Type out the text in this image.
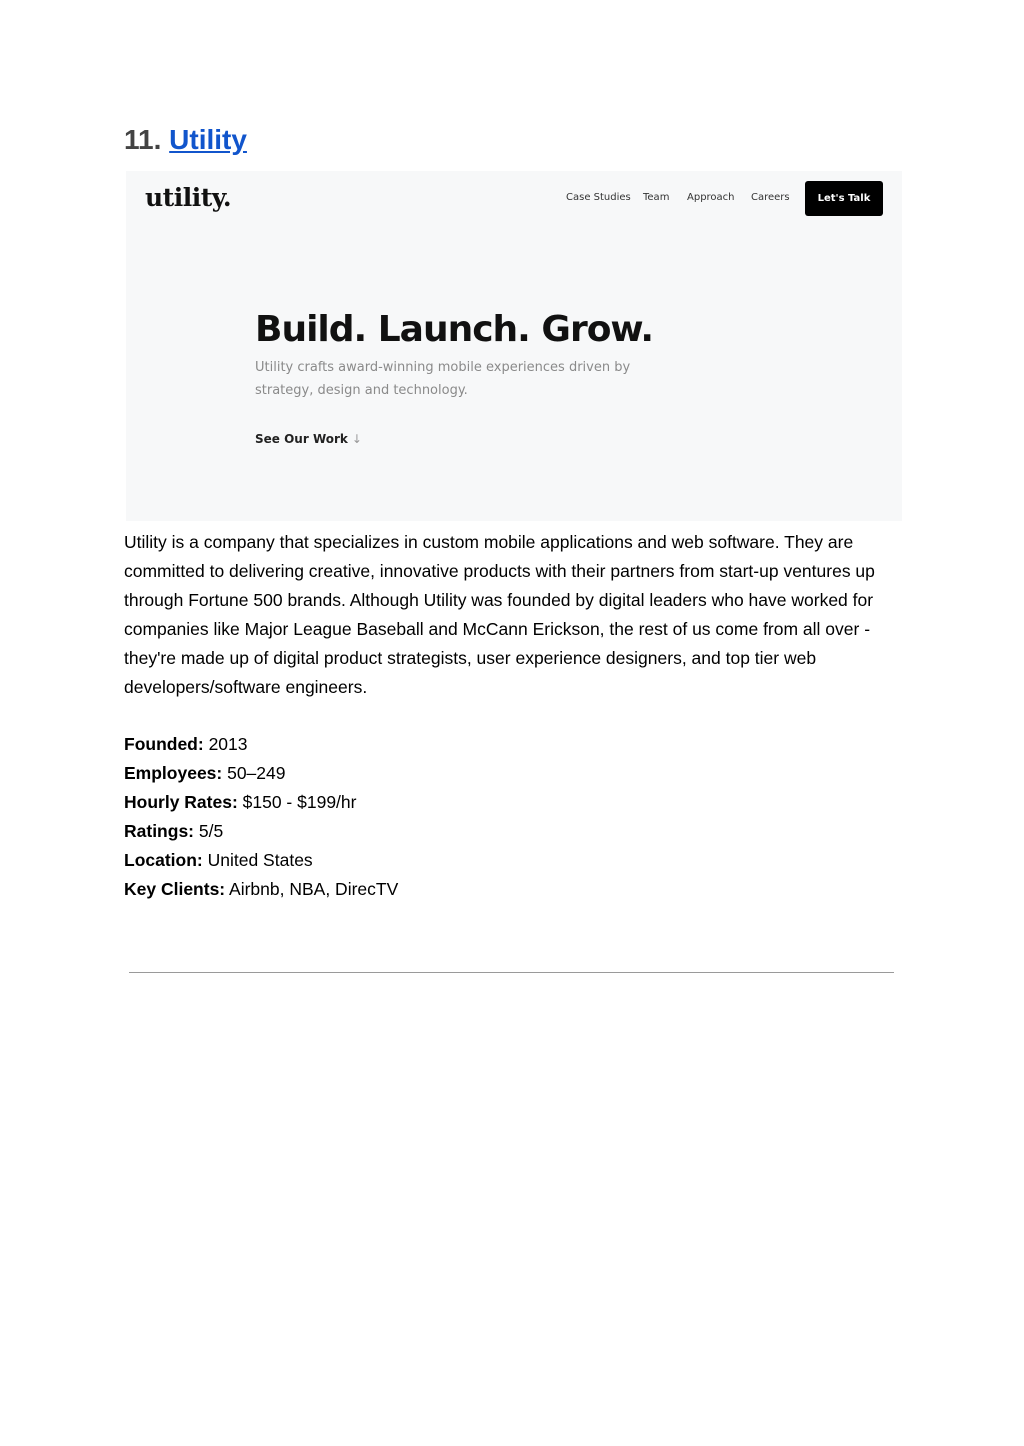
11. Utility
utility.	Case Studies Team Approach Careers	Let's Talk
Build. Launch. Grow.
Utility crafts award-winning mobile experiences driven by
strategy, design and technology.
See Our Work ↓

Utility is a company that specializes in custom mobile applications and web software. They are committed to delivering creative, innovative products with their partners from start-up ventures up through Fortune 500 brands. Although Utility was founded by digital leaders who have worked for companies like Major League Baseball and McCann Erickson, the rest of us come from all over - they're made up of digital product strategists, user experience designers, and top tier web developers/software engineers.

Founded: 2013
Employees: 50–249
Hourly Rates: $150 - $199/hr
Ratings: 5/5
Location: United States
Key Clients: Airbnb, NBA, DirecTV
